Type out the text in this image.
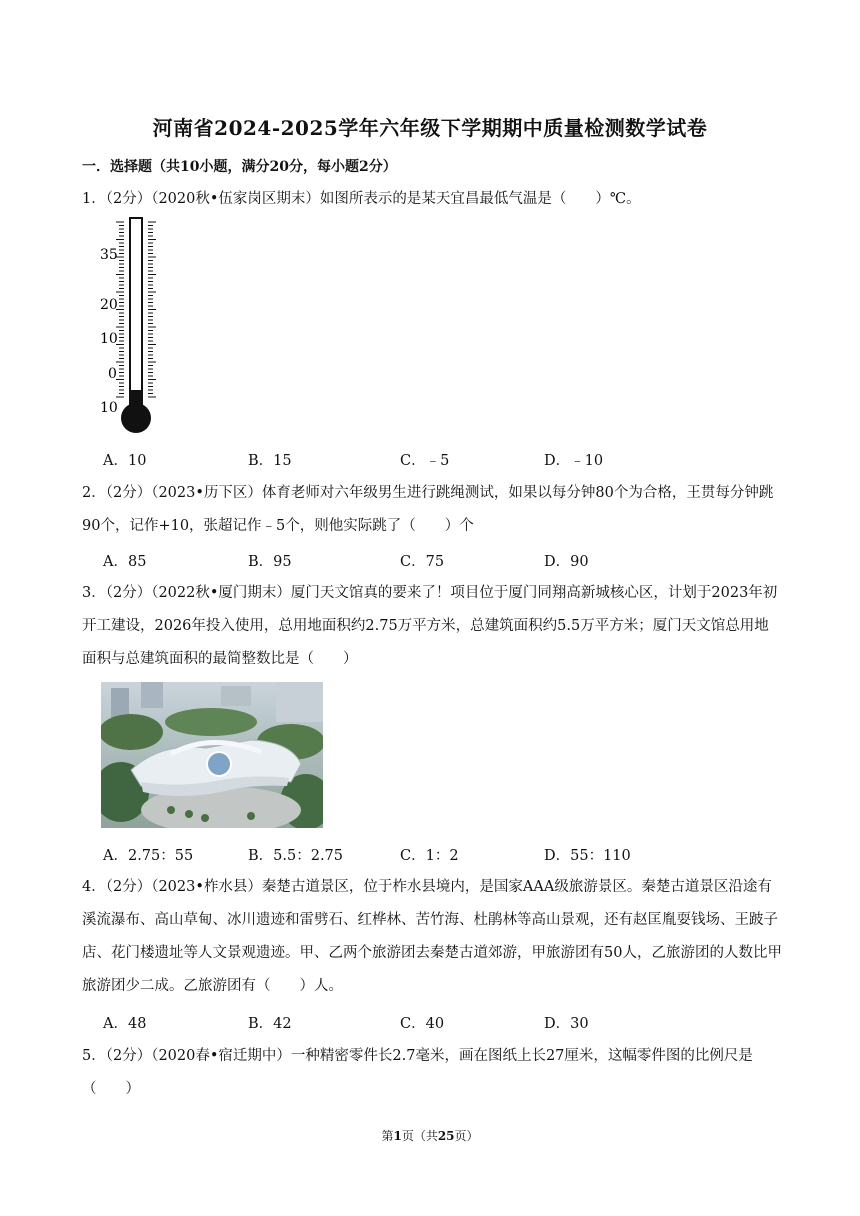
河南省2024-2025学年六年级下学期期中质量检测数学试卷
一．选择题（共10小题，满分20分，每小题2分）
1．（2分）（2020秋•伍家岗区期末）如图所表示的是某天宜昌最低气温是（　　）℃。
35
20
10
0
10
A．10	B．15	C．﹣5	D．﹣10
2．（2分）（2023•历下区）体育老师对六年级男生进行跳绳测试，如果以每分钟80个为合格，王贯每分钟跳90个，记作+10，张超记作﹣5个，则他实际跳了（　　）个
A．85	B．95	C．75	D．90
3．（2分）（2022秋•厦门期末）厦门天文馆真的要来了！项目位于厦门同翔高新城核心区，计划于2023年初开工建设，2026年投入使用，总用地面积约2.75万平方米，总建筑面积约5.5万平方米；厦门天文馆总用地面积与总建筑面积的最简整数比是（　　）
A．2.75：55	B．5.5：2.75	C．1：2	D．55：110
4．（2分）（2023•柞水县）秦楚古道景区，位于柞水县境内，是国家AAA级旅游景区。秦楚古道景区沿途有溪流瀑布、高山草甸、冰川遗迹和雷劈石、红桦林、苦竹海、杜鹃林等高山景观，还有赵匡胤耍钱场、王跛子店、花门楼遗址等人文景观遗迹。甲、乙两个旅游团去秦楚古道郊游，甲旅游团有50人，乙旅游团的人数比甲旅游团少二成。乙旅游团有（　　）人。
A．48	B．42	C．40	D．30
5．（2分）（2020春•宿迁期中）一种精密零件长2.7毫米，画在图纸上长27厘米，这幅零件图的比例尺是（　　）
第1页（共25页）
